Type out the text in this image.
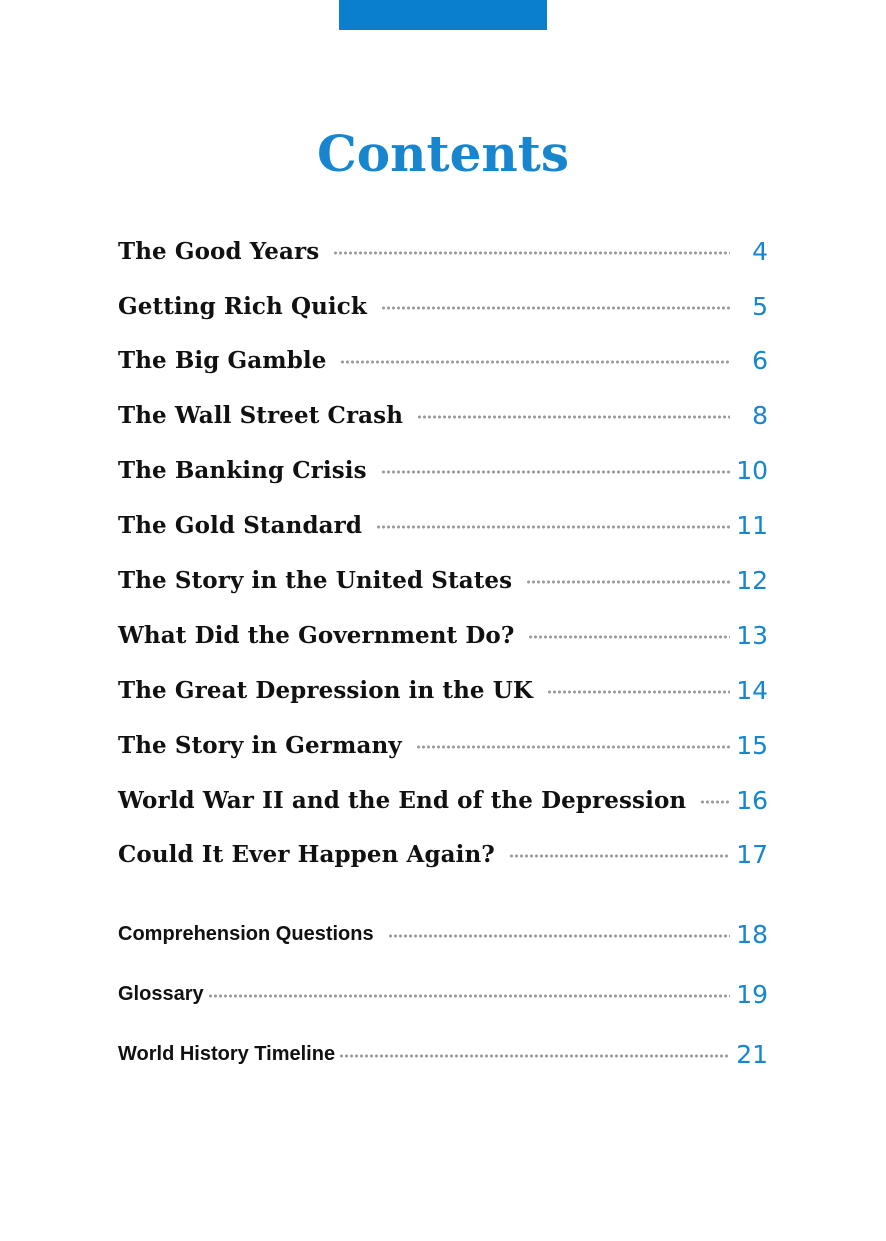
Contents
The Good Years	4
Getting Rich Quick	5
The Big Gamble	6
The Wall Street Crash	8
The Banking Crisis	10
The Gold Standard	11
The Story in the United States	12
What Did the Government Do?	13
The Great Depression in the UK	14
The Story in Germany	15
World War II and the End of the Depression 16
Could It Ever Happen Again?	17
Comprehension Questions	18
Glossary	19
World History Timeline	21
